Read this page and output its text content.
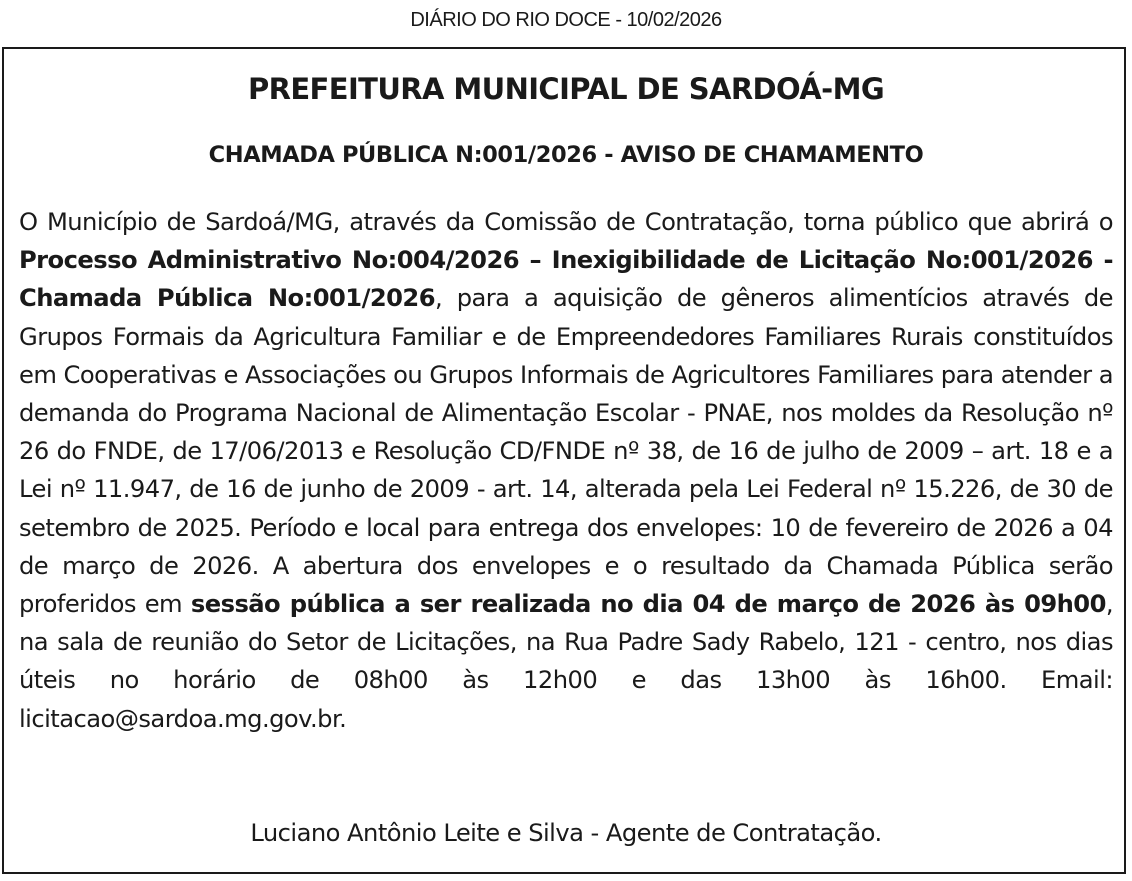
DIÁRIO DO RIO DOCE - 10/02/2026
PREFEITURA MUNICIPAL DE SARDOÁ-MG
CHAMADA PÚBLICA N:001/2026 - AVISO DE CHAMAMENTO
O Município de Sardoá/MG, através da Comissão de Contratação, torna público que abrirá o Processo Administrativo No:004/2026 – Inexigibilidade de Licitação No:001/2026 - Chamada Pública No:001/2026, para a aquisição de gêneros alimentícios através de Grupos Formais da Agricultura Familiar e de Empreendedores Familiares Rurais constituídos em Cooperativas e Associações ou Grupos Informais de Agricultores Familiares para atender a demanda do Programa Nacional de Alimentação Escolar - PNAE, nos moldes da Resolução nº 26 do FNDE, de 17/06/2013 e Resolução CD/FNDE nº 38, de 16 de julho de 2009 – art. 18 e a Lei nº 11.947, de 16 de junho de 2009 - art. 14, alterada pela Lei Federal nº 15.226, de 30 de setembro de 2025. Período e local para entrega dos envelopes: 10 de fevereiro de 2026 a 04 de março de 2026. A abertura dos envelopes e o resultado da Chamada Pública serão proferidos em sessão pública a ser realizada no dia 04 de março de 2026 às 09h00, na sala de reunião do Setor de Licitações, na Rua Padre Sady Rabelo, 121 - centro, nos dias úteis no horário de 08h00 às 12h00 e das 13h00 às 16h00. Email: licitacao@sardoa.mg.gov.br.
Luciano Antônio Leite e Silva - Agente de Contratação.
